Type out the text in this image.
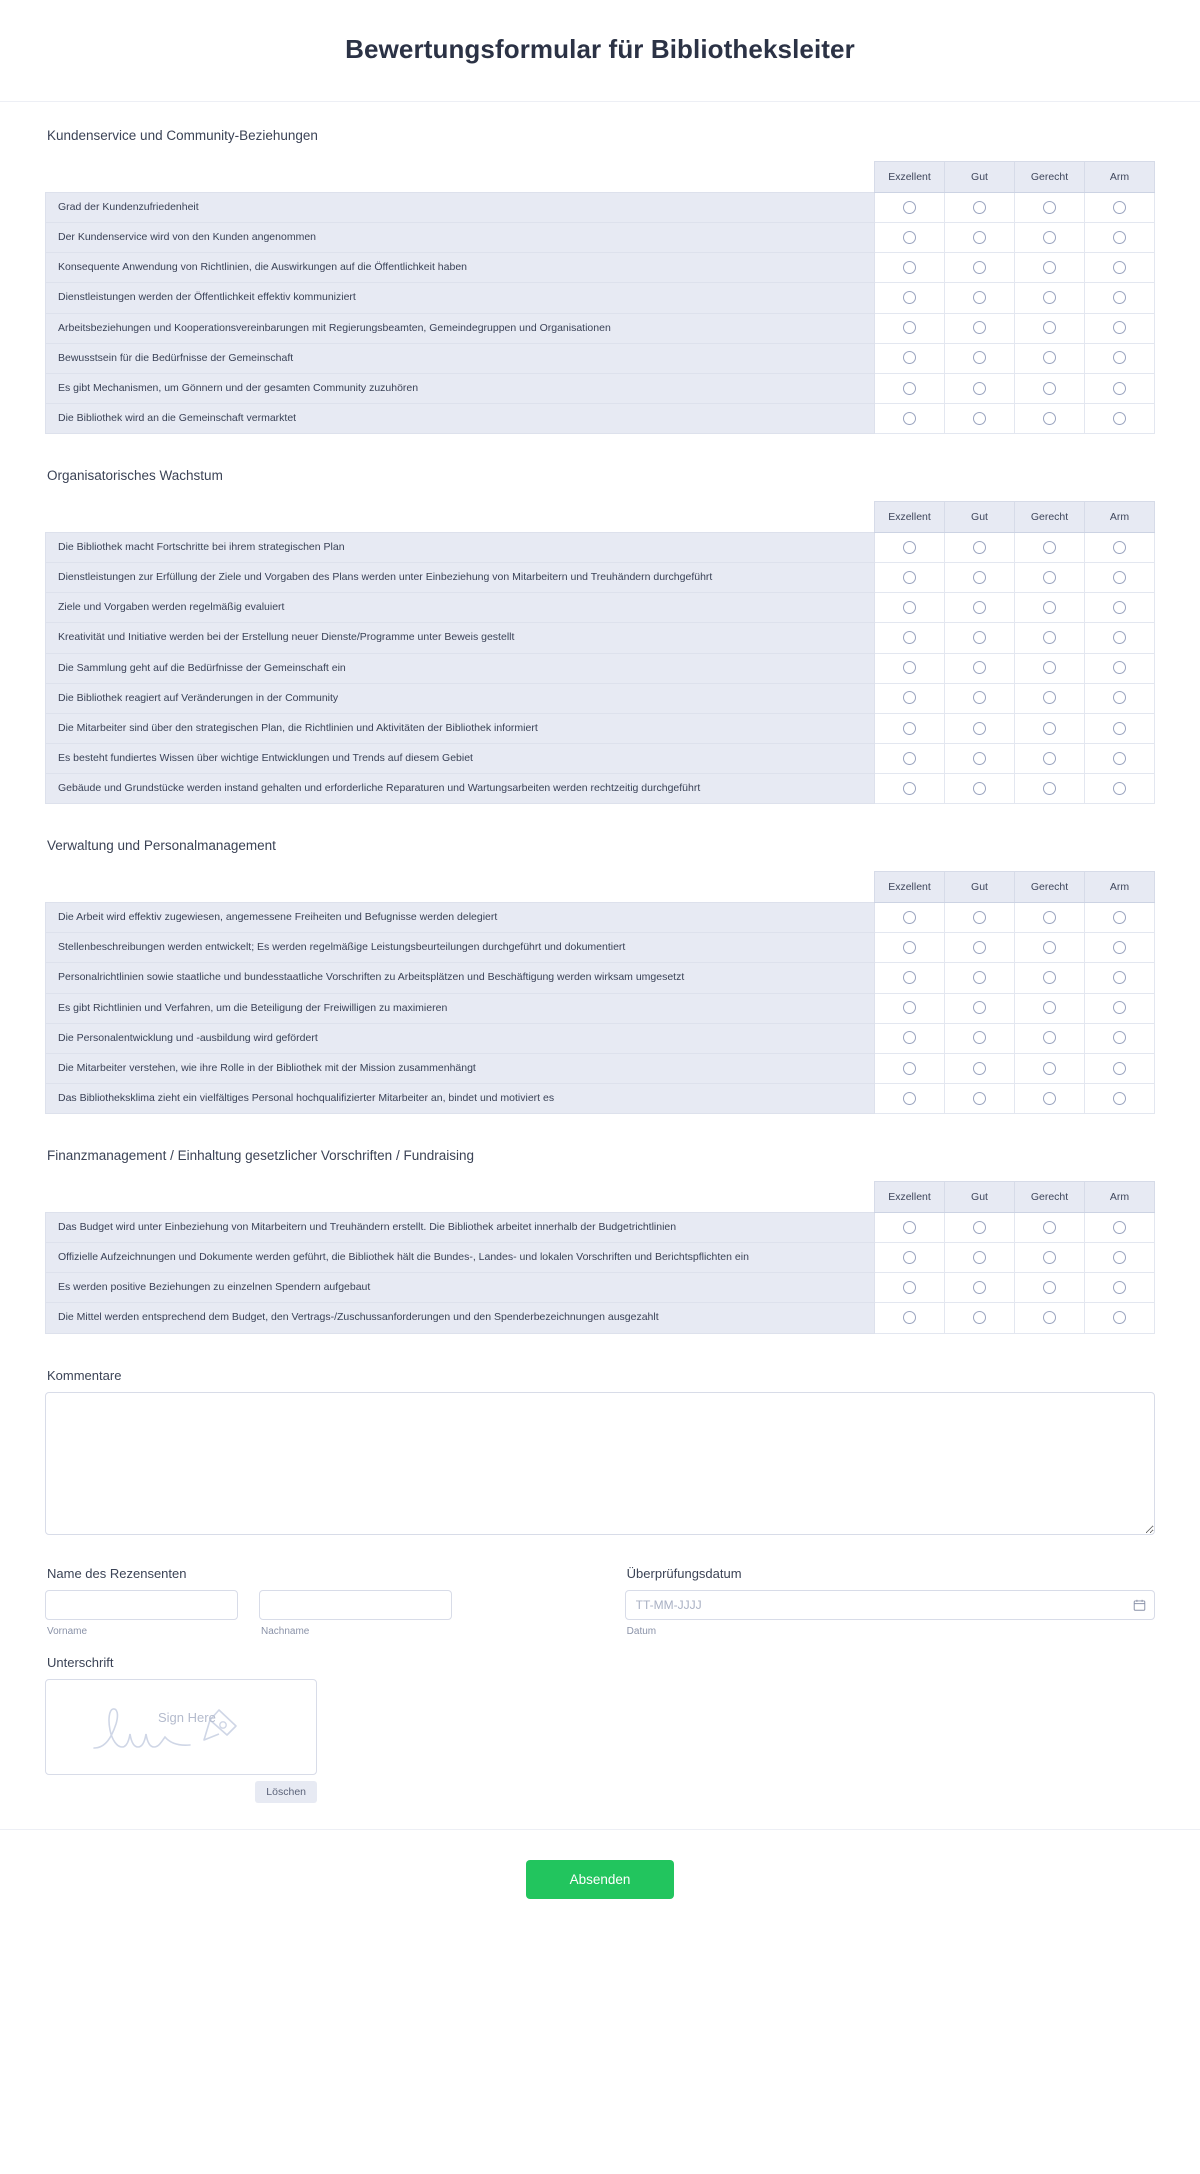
Bewertungsformular für Bibliotheksleiter
Kundenservice und Community-Beziehungen
	Exzellent	Gut	Gerecht	Arm
Grad der Kundenzufriedenheit				
Der Kundenservice wird von den Kunden angenommen				
Konsequente Anwendung von Richtlinien, die Auswirkungen auf die Öffentlichkeit haben				
Dienstleistungen werden der Öffentlichkeit effektiv kommuniziert				
Arbeitsbeziehungen und Kooperationsvereinbarungen mit Regierungsbeamten, Gemeindegruppen und Organisationen				
Bewusstsein für die Bedürfnisse der Gemeinschaft				
Es gibt Mechanismen, um Gönnern und der gesamten Community zuzuhören				
Die Bibliothek wird an die Gemeinschaft vermarktet				
Organisatorisches Wachstum
	Exzellent	Gut	Gerecht	Arm
Die Bibliothek macht Fortschritte bei ihrem strategischen Plan				
Dienstleistungen zur Erfüllung der Ziele und Vorgaben des Plans werden unter Einbeziehung von Mitarbeitern und Treuhändern durchgeführt				
Ziele und Vorgaben werden regelmäßig evaluiert				
Kreativität und Initiative werden bei der Erstellung neuer Dienste/Programme unter Beweis gestellt				
Die Sammlung geht auf die Bedürfnisse der Gemeinschaft ein				
Die Bibliothek reagiert auf Veränderungen in der Community				
Die Mitarbeiter sind über den strategischen Plan, die Richtlinien und Aktivitäten der Bibliothek informiert				
Es besteht fundiertes Wissen über wichtige Entwicklungen und Trends auf diesem Gebiet				
Gebäude und Grundstücke werden instand gehalten und erforderliche Reparaturen und Wartungsarbeiten werden rechtzeitig durchgeführt				
Verwaltung und Personalmanagement
	Exzellent	Gut	Gerecht	Arm
Die Arbeit wird effektiv zugewiesen, angemessene Freiheiten und Befugnisse werden delegiert				
Stellenbeschreibungen werden entwickelt; Es werden regelmäßige Leistungsbeurteilungen durchgeführt und dokumentiert				
Personalrichtlinien sowie staatliche und bundesstaatliche Vorschriften zu Arbeitsplätzen und Beschäftigung werden wirksam umgesetzt				
Es gibt Richtlinien und Verfahren, um die Beteiligung der Freiwilligen zu maximieren				
Die Personalentwicklung und -ausbildung wird gefördert				
Die Mitarbeiter verstehen, wie ihre Rolle in der Bibliothek mit der Mission zusammenhängt				
Das Bibliotheksklima zieht ein vielfältiges Personal hochqualifizierter Mitarbeiter an, bindet und motiviert es				
Finanzmanagement / Einhaltung gesetzlicher Vorschriften / Fundraising
	Exzellent	Gut	Gerecht	Arm
Das Budget wird unter Einbeziehung von Mitarbeitern und Treuhändern erstellt. Die Bibliothek arbeitet innerhalb der Budgetrichtlinien				
Offizielle Aufzeichnungen und Dokumente werden geführt, die Bibliothek hält die Bundes-, Landes- und lokalen Vorschriften und Berichtspflichten ein				
Es werden positive Beziehungen zu einzelnen Spendern aufgebaut				
Die Mittel werden entsprechend dem Budget, den Vertrags-/Zuschussanforderungen und den Spenderbezeichnungen ausgezahlt				
Kommentare
Name des Rezensenten
Vorname	Nachname
Überprüfungsdatum
TT-MM-JJJJ
Datum
Unterschrift
Sign Here
Löschen
Absenden
